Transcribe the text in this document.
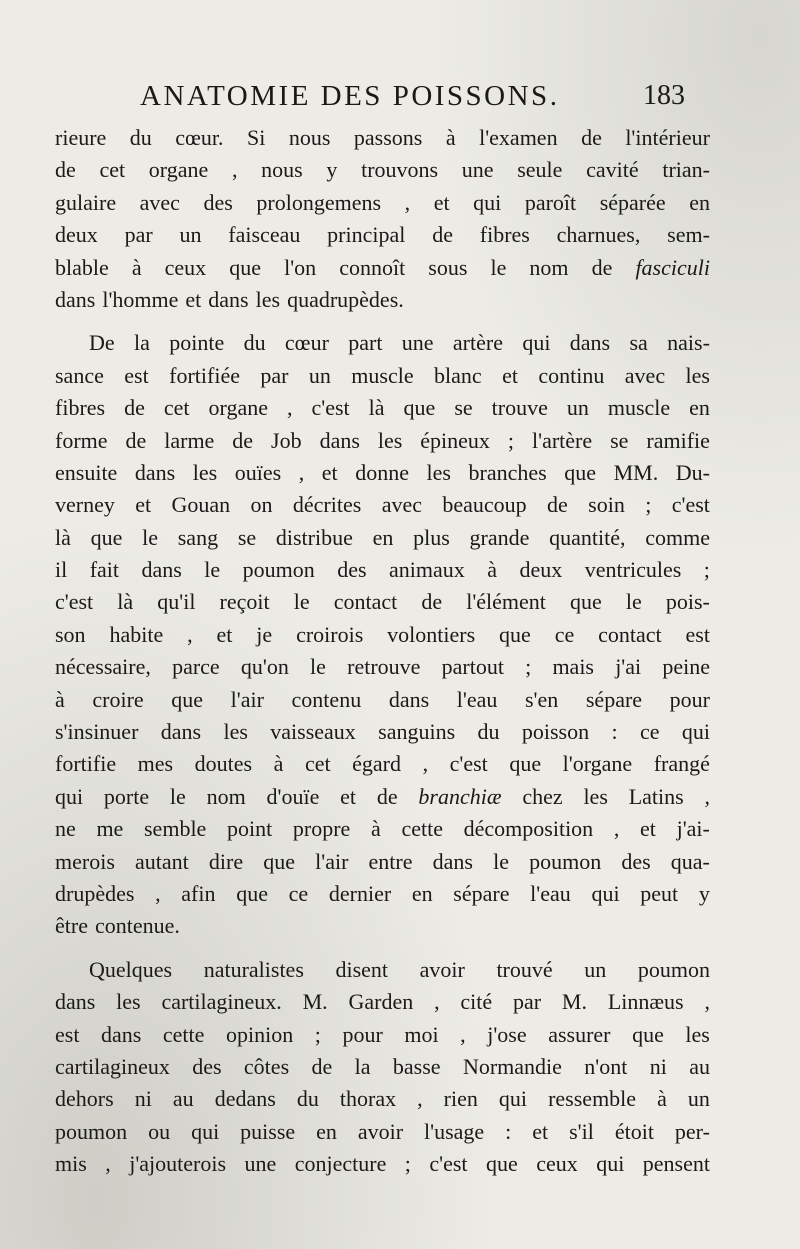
ANATOMIE DES POISSONS.	183
rieure du cœur. Si nous passons à l'examen de l'intérieur
de cet organe , nous y trouvons une seule cavité trian-
gulaire avec des prolongemens , et qui paroît séparée en
deux par un faisceau principal de fibres charnues, sem-
blable à ceux que l'on connoît sous le nom de fasciculi
dans l'homme et dans les quadrupèdes.
De la pointe du cœur part une artère qui dans sa nais-
sance est fortifiée par un muscle blanc et continu avec les
fibres de cet organe , c'est là que se trouve un muscle en
forme de larme de Job dans les épineux ; l'artère se ramifie
ensuite dans les ouïes , et donne les branches que MM. Du-
verney et Gouan on décrites avec beaucoup de soin ; c'est
là que le sang se distribue en plus grande quantité, comme
il fait dans le poumon des animaux à deux ventricules ;
c'est là qu'il reçoit le contact de l'élément que le pois-
son habite , et je croirois volontiers que ce contact est
nécessaire, parce qu'on le retrouve partout ; mais j'ai peine
à croire que l'air contenu dans l'eau s'en sépare pour
s'insinuer dans les vaisseaux sanguins du poisson : ce qui
fortifie mes doutes à cet égard , c'est que l'organe frangé
qui porte le nom d'ouïe et de branchiæ chez les Latins ,
ne me semble point propre à cette décomposition , et j'ai-
merois autant dire que l'air entre dans le poumon des qua-
drupèdes , afin que ce dernier en sépare l'eau qui peut y
être contenue.
Quelques naturalistes disent avoir trouvé un poumon
dans les cartilagineux. M. Garden , cité par M. Linnæus ,
est dans cette opinion ; pour moi , j'ose assurer que les
cartilagineux des côtes de la basse Normandie n'ont ni au
dehors ni au dedans du thorax , rien qui ressemble à un
poumon ou qui puisse en avoir l'usage : et s'il étoit per-
mis , j'ajouterois une conjecture ; c'est que ceux qui pensent
